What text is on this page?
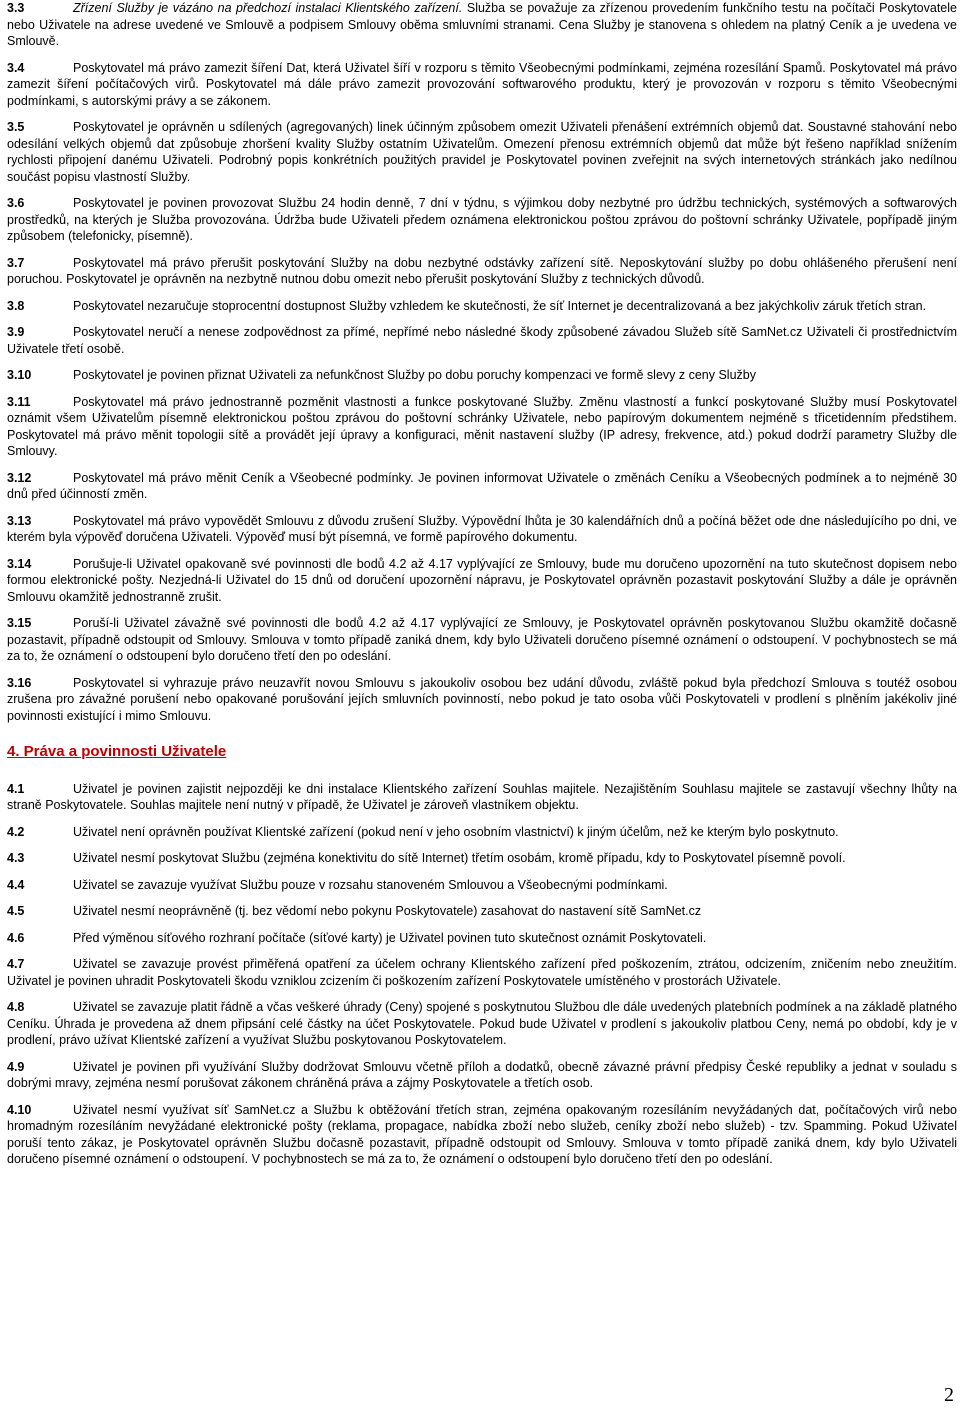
3.3	Zřízení Služby je vázáno na předchozí instalaci Klientského zařízení. Služba se považuje za zřízenou provedením funkčního testu na počítači Poskytovatele nebo Uživatele na adrese uvedené ve Smlouvě a podpisem Smlouvy oběma smluvními stranami. Cena Služby je stanovena s ohledem na platný Ceník a je uvedena ve Smlouvě.
3.4	Poskytovatel má právo zamezit šíření Dat, která Uživatel šíří v rozporu s těmito Všeobecnými podmínkami, zejména rozesílání Spamů. Poskytovatel má právo zamezit šíření počítačových virů. Poskytovatel má dále právo zamezit provozování softwarového produktu, který je provozován v rozporu s těmito Všeobecnými podmínkami, s autorskými právy a se zákonem.
3.5	Poskytovatel je oprávněn u sdílených (agregovaných) linek účinným způsobem omezit Uživateli přenášení extrémních objemů dat. Soustavné stahování nebo odesílání velkých objemů dat způsobuje zhoršení kvality Služby ostatním Uživatelům. Omezení přenosu extrémních objemů dat může být řešeno například snížením rychlosti připojení danému Uživateli. Podrobný popis konkrétních použitých pravidel je Poskytovatel povinen zveřejnit na svých internetových stránkách jako nedílnou součást popisu vlastností Služby.
3.6	Poskytovatel je povinen provozovat Službu 24 hodin denně, 7 dní v týdnu, s výjimkou doby nezbytné pro údržbu technických, systémových a softwarových prostředků, na kterých je Služba provozována. Údržba bude Uživateli předem oznámena elektronickou poštou zprávou do poštovní schránky Uživatele, popřípadě jiným způsobem (telefonicky, písemně).
3.7	Poskytovatel má právo přerušit poskytování Služby na dobu nezbytné odstávky zařízení sítě. Neposkytování služby po dobu ohlášeného přerušení není poruchou. Poskytovatel je oprávněn na nezbytně nutnou dobu omezit nebo přerušit poskytování Služby z technických důvodů.
3.8	Poskytovatel nezaručuje stoprocentní dostupnost Služby vzhledem ke skutečnosti, že síť Internet je decentralizovaná a bez jakýchkoliv záruk třetích stran.
3.9	Poskytovatel neručí a nenese zodpovědnost za přímé, nepřímé nebo následné škody způsobené závadou Služeb sítě SamNet.cz Uživateli či prostřednictvím Uživatele třetí osobě.
3.10	Poskytovatel je povinen přiznat Uživateli za nefunkčnost Služby po dobu poruchy kompenzaci ve formě slevy z ceny Služby
3.11	Poskytovatel má právo jednostranně pozměnit vlastnosti a funkce poskytované Služby. Změnu vlastností a funkcí poskytované Služby musí Poskytovatel oznámit všem Uživatelům písemně elektronickou poštou zprávou do poštovní schránky Uživatele, nebo papírovým dokumentem nejméně s třicetidenním předstihem. Poskytovatel má právo měnit topologii sítě a provádět její úpravy a konfiguraci, měnit nastavení služby (IP adresy, frekvence, atd.) pokud dodrží parametry Služby dle Smlouvy.
3.12	Poskytovatel má právo měnit Ceník a Všeobecné podmínky. Je povinen informovat Uživatele o změnách Ceníku a Všeobecných podmínek a to nejméně 30 dnů před účinností změn.
3.13	Poskytovatel má právo vypovědět Smlouvu z důvodu zrušení Služby. Výpovědní lhůta je 30 kalendářních dnů a počíná běžet ode dne následujícího po dni, ve kterém byla výpověď doručena Uživateli. Výpověď musí být písemná, ve formě papírového dokumentu.
3.14	Porušuje-li Uživatel opakovaně své povinnosti dle bodů 4.2 až 4.17 vyplývající ze Smlouvy, bude mu doručeno upozornění na tuto skutečnost dopisem nebo formou elektronické pošty. Nezjedná-li Uživatel do 15 dnů od doručení upozornění nápravu, je Poskytovatel oprávněn pozastavit poskytování Služby a dále je oprávněn Smlouvu okamžitě jednostranně zrušit.
3.15	Poruší-li Uživatel závažně své povinnosti dle bodů 4.2 až 4.17 vyplývající ze Smlouvy, je Poskytovatel oprávněn poskytovanou Službu okamžitě dočasně pozastavit, případně odstoupit od Smlouvy. Smlouva v tomto případě zaniká dnem, kdy bylo Uživateli doručeno písemné oznámení o odstoupení. V pochybnostech se má za to, že oznámení o odstoupení bylo doručeno třetí den po odeslání.
3.16	Poskytovatel si vyhrazuje právo neuzavřít novou Smlouvu s jakoukoliv osobou bez udání důvodu, zvláště pokud byla předchozí Smlouva s toutéž osobou zrušena pro závažné porušení nebo opakované porušování jejích smluvních povinností, nebo pokud je tato osoba vůči Poskytovateli v prodlení s plněním jakékoliv jiné povinnosti existující i mimo Smlouvu.
4. Práva a povinnosti Uživatele
4.1	Uživatel je povinen zajistit nejpozději ke dni instalace Klientského zařízení Souhlas majitele. Nezajištěním Souhlasu majitele se zastavují všechny lhůty na straně Poskytovatele. Souhlas majitele není nutný v případě, že Uživatel je zároveň vlastníkem objektu.
4.2	Uživatel není oprávněn používat Klientské zařízení (pokud není v jeho osobním vlastnictví) k jiným účelům, než ke kterým bylo poskytnuto.
4.3	Uživatel nesmí poskytovat Službu (zejména konektivitu do sítě Internet) třetím osobám, kromě případu, kdy to Poskytovatel písemně povolí.
4.4	Uživatel se zavazuje využívat Službu pouze v rozsahu stanoveném Smlouvou a Všeobecnými podmínkami.
4.5	Uživatel nesmí neoprávněně (tj. bez vědomí nebo pokynu Poskytovatele) zasahovat do nastavení sítě SamNet.cz
4.6	Před výměnou síťového rozhraní počítače (síťové karty) je Uživatel povinen tuto skutečnost oznámit Poskytovateli.
4.7	Uživatel se zavazuje provést přiměřená opatření za účelem ochrany Klientského zařízení před poškozením, ztrátou, odcizením, zničením nebo zneužitím. Uživatel je povinen uhradit Poskytovateli škodu vzniklou zcizením či poškozením zařízení Poskytovatele umístěného v prostorách Uživatele.
4.8	Uživatel se zavazuje platit řádně a včas veškeré úhrady (Ceny) spojené s poskytnutou Službou dle dále uvedených platebních podmínek a na základě platného Ceníku. Úhrada je provedena až dnem připsání celé částky na účet Poskytovatele. Pokud bude Uživatel v prodlení s jakoukoliv platbou Ceny, nemá po období, kdy je v prodlení, právo užívat Klientské zařízení a využívat Službu poskytovanou Poskytovatelem.
4.9	Uživatel je povinen při využívání Služby dodržovat Smlouvu včetně příloh a dodatků, obecně závazné právní předpisy České republiky a jednat v souladu s dobrými mravy, zejména nesmí porušovat zákonem chráněná práva a zájmy Poskytovatele a třetích osob.
4.10	Uživatel nesmí využívat síť SamNet.cz a Službu k obtěžování třetích stran, zejména opakovaným rozesíláním nevyžádaných dat, počítačových virů nebo hromadným rozesíláním nevyžádané elektronické pošty (reklama, propagace, nabídka zboží nebo služeb, ceníky zboží nebo služeb) - tzv. Spamming. Pokud Uživatel poruší tento zákaz, je Poskytovatel oprávněn Službu dočasně pozastavit, případně odstoupit od Smlouvy. Smlouva v tomto případě zaniká dnem, kdy bylo Uživateli doručeno písemné oznámení o odstoupení. V pochybnostech se má za to, že oznámení o odstoupení bylo doručeno třetí den po odeslání.
2
